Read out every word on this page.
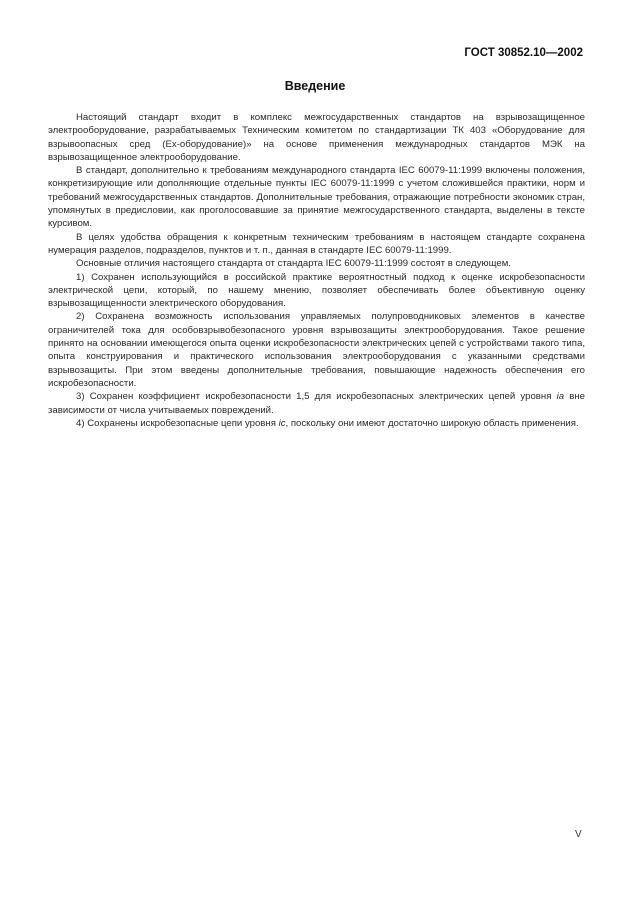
ГОСТ 30852.10—2002
Введение

Настоящий стандарт входит в комплекс межгосударственных стандартов на взрывозащищенное электрооборудование, разрабатываемых Техническим комитетом по стандартизации ТК 403 «Оборудование для взрывоопасных сред (Ех-оборудование)» на основе применения международных стандартов МЭК на взрывозащищенное электрооборудование.

В стандарт, дополнительно к требованиям международного стандарта IEC 60079-11:1999 включены положения, конкретизирующие или дополняющие отдельные пункты IEC 60079-11:1999 с учетом сложившейся практики, норм и требований межгосударственных стандартов. Дополнительные требования, отражающие потребности экономик стран, упомянутых в предисловии, как проголосовавшие за принятие межгосударственного стандарта, выделены в тексте курсивом.

В целях удобства обращения к конкретным техническим требованиям в настоящем стандарте сохранена нумерация разделов, подразделов, пунктов и т. п., данная в стандарте IEC 60079-11:1999.

Основные отличия настоящего стандарта от стандарта IEC 60079-11:1999 состоят в следующем.

1) Сохранен использующийся в российской практике вероятностный подход к оценке искробезопасности электрической цепи, который, по нашему мнению, позволяет обеспечивать более объективную оценку взрывозащищенности электрического оборудования.

2) Сохранена возможность использования управляемых полупроводниковых элементов в качестве ограничителей тока для особовзрывобезопасного уровня взрывозащиты электрооборудования. Такое решение принято на основании имеющегося опыта оценки искробезопасности электрических цепей с устройствами такого типа, опыта конструирования и практического использования электрооборудования с указанными средствами взрывозащиты. При этом введены дополнительные требования, повышающие надежность обеспечения его искробезопасности.

3) Сохранен коэффициент искробезопасности 1,5 для искробезопасных электрических цепей уровня ia вне зависимости от числа учитываемых повреждений.

4) Сохранены искробезопасные цепи уровня ic, поскольку они имеют достаточно широкую область применения.

V
